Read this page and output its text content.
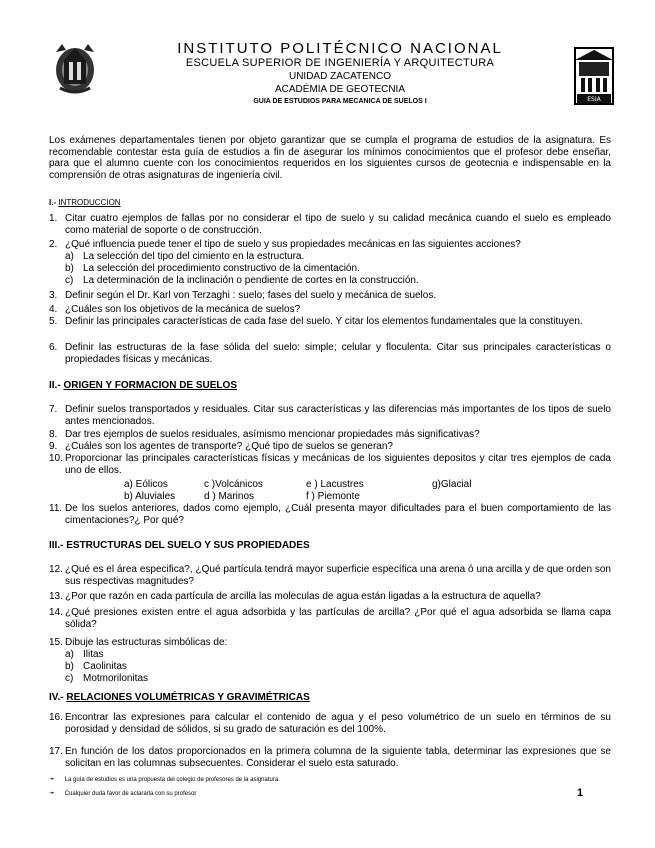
ESIA
INSTITUTO POLITÉCNICO NACIONAL
ESCUELA SUPERIOR DE INGENIERÍA Y ARQUITECTURA
UNIDAD ZACATENCO
ACADÉMIA DE GEOTECNIA
GUIA DE ESTUDIOS PARA MECANICA DE SUELOS I
Los exámenes departamentales tienen por objeto garantizar que se cumpla el programa de estudios de la asignatura. Es recomendable contestar esta guía de estudios a fin de asegurar los mínimos conocimientos que el profesor debe enseñar, para que el alumno cuente con los conocimientos requeridos en los siguientes cursos de geotecnia e indispensable en la comprensión de otras asignaturas de ingeniería civil.
I.- INTRODUCCION
1. Citar cuatro ejemplos de fallas por no considerar el tipo de suelo y su calidad mecánica cuando el suelo es empleado como material de soporte o de construcción.
2. ¿Qué influencia puede tener el tipo de suelo y sus propiedades mecánicas en las siguientes acciones?
a) La selección del tipo del cimiento en la estructura.
b) La selección del procedimiento constructivo de la cimentación.
c) La determinación de la inclinación o pendiente de cortes en la construcción.
3. Definir según el Dr. Karl von Terzaghi : suelo; fases del suelo y mecánica de suelos.
4. ¿Cuáles son los objetivos de la mecánica de suelos?
5. Definir las principales características de cada fase del suelo. Y citar los elementos fundamentales que la constituyen.
6. Definir las estructuras de la fase sólida del suelo: simple; celular y floculenta. Citar sus principales características o propiedades físicas y mecánicas.
II.- ORIGEN Y FORMACION DE SUELOS
7. Definir suelos transportados y residuales. Citar sus características y las diferencias más importantes de los tipos de suelo antes mencionados.
8. Dar tres ejemplos de suelos residuales, asímismo mencionar propiedades más significativas?
9. ¿Cuáles son los agentes de transporte? ¿Qué tipo de suelos se generan?
10. Proporcionar las principales características físicas y mecánicas de los siguientes depositos y citar tres ejemplos de cada uno de ellos.
a) Eólicos	c )Volcánicos	e ) Lacustres	g)Glacial
b) Aluviales	d ) Marinos	f ) Piemonte
11. De los suelos anteriores, dados como ejemplo, ¿Cuál presenta mayor dificultades para el buen comportamiento de las cimentaciones?¿ Por qué?
III.- ESTRUCTURAS DEL SUELO Y SUS PROPIEDADES
12. ¿Qué es el área especifica?, ¿Qué partícula tendrá mayor superficie específica una arena ó una arcilla y de que orden son sus respectivas magnitudes?
13. ¿Por que razón en cada partícula de arcilla las moleculas de agua están ligadas a la estructura de aquella?
14. ¿Qué presiones existen entre el agua adsorbida y las partículas de arcilla? ¿Por qué el agua adsorbida se llama capa sólida?
15. Dibuje las estructuras simbólicas de:
a) Ilitas
b) Caolinitas
c) Motmorilonitas
IV.- RELACIONES VOLUMÉTRICAS Y GRAVIMÉTRICAS
16. Encontrar las expresiones para calcular el contenido de agua y el peso volumétrico de un suelo en términos de su porosidad y densidad de sólidos, si su grado de saturación es del 100%.
17. En función de los datos proporcionados en la primera columna de la siguiente tabla, determinar las expresiones que se solicitan en las columnas subsecuentes. Considerar el suelo esta saturado.
➛ La guía de estudios es una propuesta del colegio de profesores de la asignatura.
➛ Cualquier duda favor de aclararla con su profesor	1
